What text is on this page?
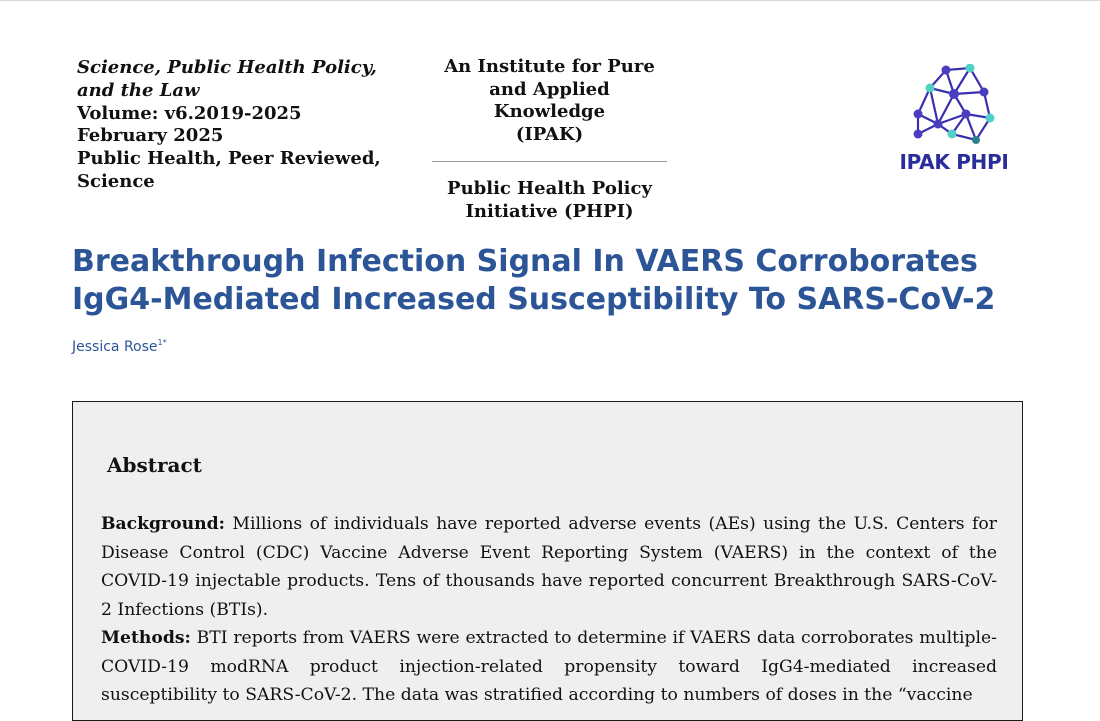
Science, Public Health Policy,
and the Law
Volume: v6.2019-2025
February 2025
Public Health, Peer Reviewed,
Science
An Institute for Pure
and Applied Knowledge
(IPAK)
Public Health Policy
Initiative (PHPI)
IPAK PHPI
Breakthrough Infection Signal In VAERS Corroborates
IgG4-Mediated Increased Susceptibility To SARS-CoV-2
Jessica Rose$^{1*}$
Abstract

Background: Millions of individuals have reported adverse events (AEs) using the U.S. Centers for Disease Control (CDC) Vaccine Adverse Event Reporting System (VAERS) in the context of the COVID-19 injectable products. Tens of thousands have reported concurrent Breakthrough SARS-CoV-2 Infections (BTIs).

Methods: BTI reports from VAERS were extracted to determine if VAERS data corroborates multiple-COVID-19 modRNA product injection-related propensity toward IgG4-mediated increased susceptibility to SARS-CoV-2. The data was stratified according to numbers of doses in the “vaccine
